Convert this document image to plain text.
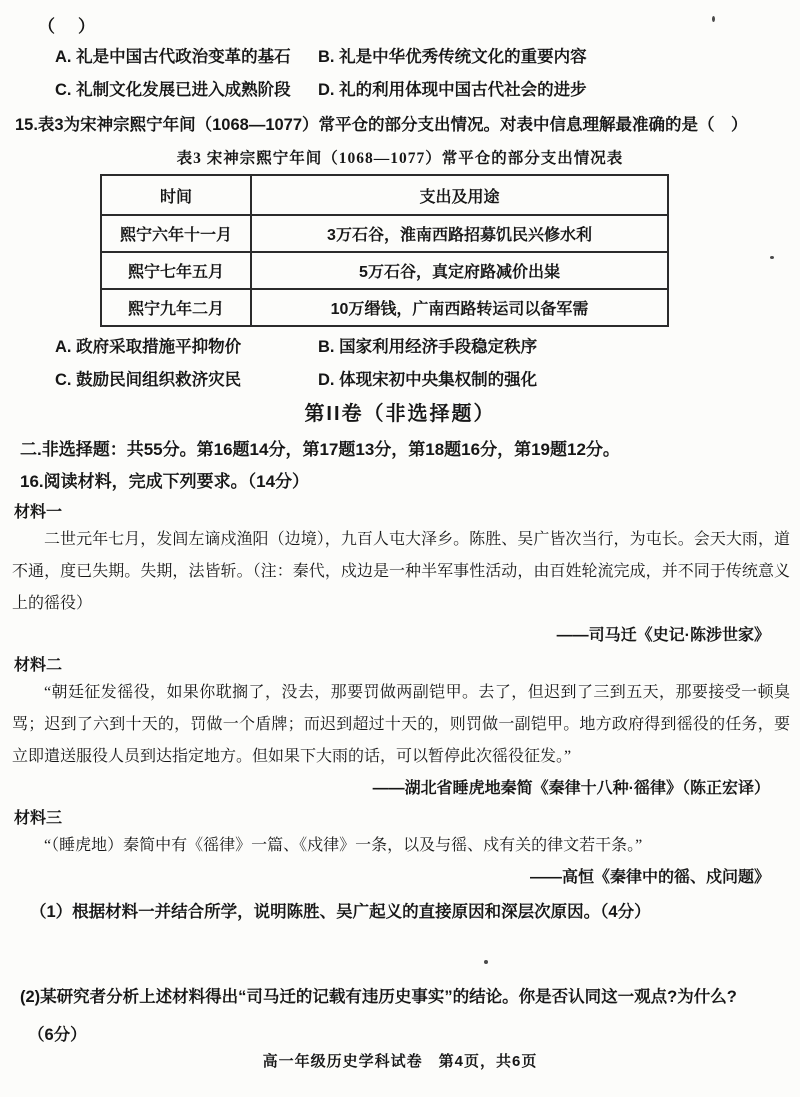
（　）
A. 礼是中国古代政治变革的基石	B. 礼是中华优秀传统文化的重要内容
C. 礼制文化发展已进入成熟阶段	D. 礼的利用体现中国古代社会的进步
15.表3为宋神宗熙宁年间（1068—1077）常平仓的部分支出情况。对表中信息理解最准确的是（　）
表3 宋神宗熙宁年间（1068—1077）常平仓的部分支出情况表
时间	支出及用途
熙宁六年十一月	3万石谷，淮南西路招募饥民兴修水利
熙宁七年五月	5万石谷，真定府路减价出粜
熙宁九年二月	10万缗钱，广南西路转运司以备军需
A. 政府采取措施平抑物价	B. 国家利用经济手段稳定秩序
C. 鼓励民间组织救济灾民	D. 体现宋初中央集权制的强化
第II卷（非选择题）
二.非选择题：共55分。第16题14分，第17题13分，第18题16分，第19题12分。
16.阅读材料，完成下列要求。（14分）
材料一

二世元年七月，发闾左谪戍渔阳（边境），九百人屯大泽乡。陈胜、吴广皆次当行，为屯长。会天大雨，道不通，度已失期。失期，法皆斩。（注：秦代，戍边是一种半军事性活动，由百姓轮流完成，并不同于传统意义上的徭役）

——司马迁《史记·陈涉世家》
材料二

“朝廷征发徭役，如果你耽搁了，没去，那要罚做两副铠甲。去了，但迟到了三到五天，那要接受一顿臭骂；迟到了六到十天的，罚做一个盾牌；而迟到超过十天的，则罚做一副铠甲。地方政府得到徭役的任务，要立即遣送服役人员到达指定地方。但如果下大雨的话，可以暂停此次徭役征发。”

——湖北省睡虎地秦简《秦律十八种·徭律》（陈正宏译）
材料三

“（睡虎地）秦简中有《徭律》一篇、《戍律》一条，以及与徭、戍有关的律文若干条。”

——高恒《秦律中的徭、戍问题》
（1）根据材料一并结合所学，说明陈胜、吴广起义的直接原因和深层次原因。（4分）
(2)某研究者分析上述材料得出“司马迁的记载有违历史事实”的结论。你是否认同这一观点?为什么?
（6分）
高一年级历史学科试卷　第4页，共6页
